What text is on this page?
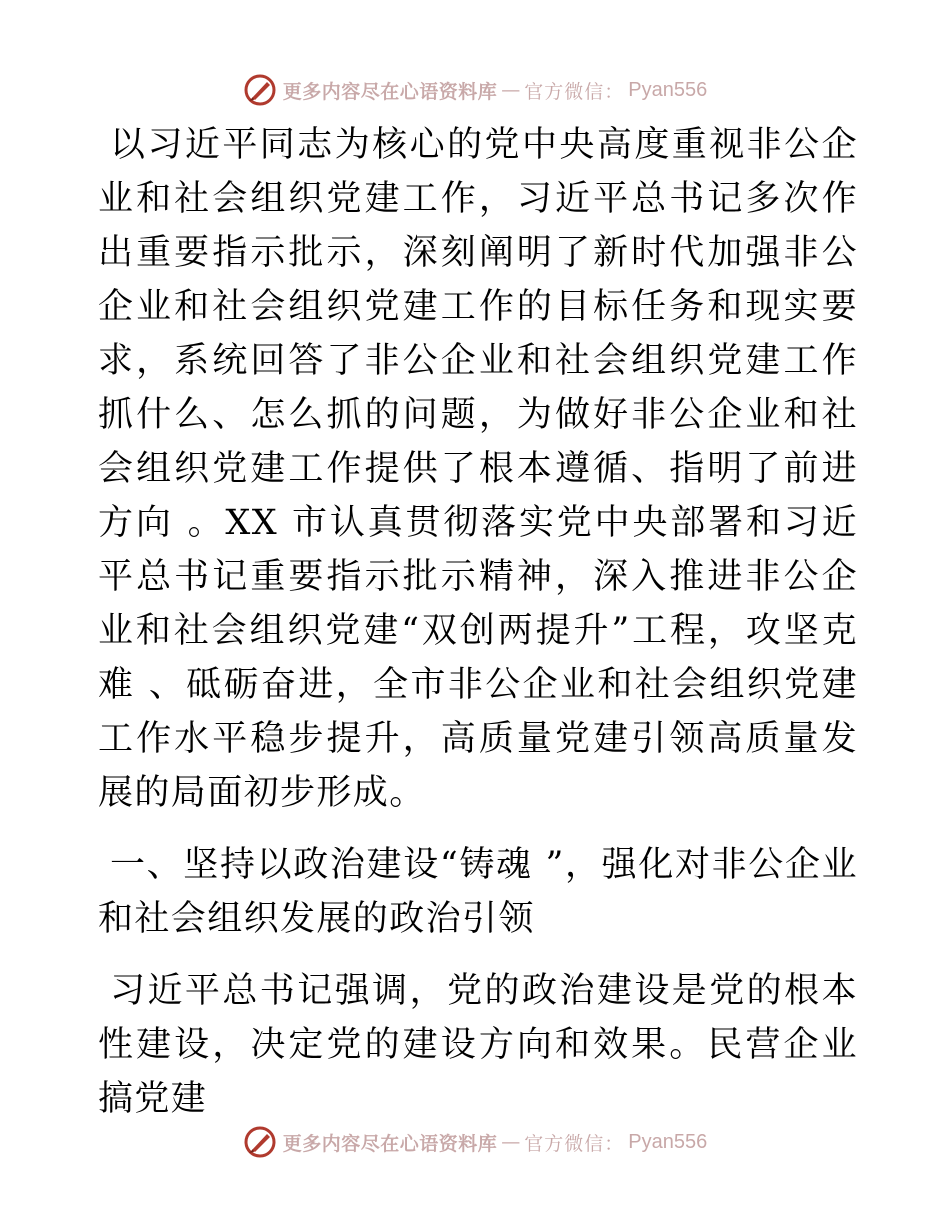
更多内容尽在心语资料库 — 官方微信： Pyan556

以习近平同志为核心的党中央高度重视非公企业和社会组织党建工作，习近平总书记多次作出重要指示批示，深刻阐明了新时代加强非公企业和社会组织党建工作的目标任务和现实要求，系统回答了非公企业和社会组织党建工作抓什么、怎么抓的问题，为做好非公企业和社会组织党建工作提供了根本遵循、指明了前进方向 。XX 市认真贯彻落实党中央部署和习近平总书记重要指示批示精神，深入推进非公企业和社会组织党建“双创两提升”工程，攻坚克难 、砥砺奋进，全市非公企业和社会组织党建工作水平稳步提升，高质量党建引领高质量发展的局面初步形成。

一、坚持以政治建设“铸魂 ”，强化对非公企业和社会组织发展的政治引领

习近平总书记强调，党的政治建设是党的根本性建设，决定党的建设方向和效果。民营企业搞党建

更多内容尽在心语资料库 — 官方微信： Pyan556
